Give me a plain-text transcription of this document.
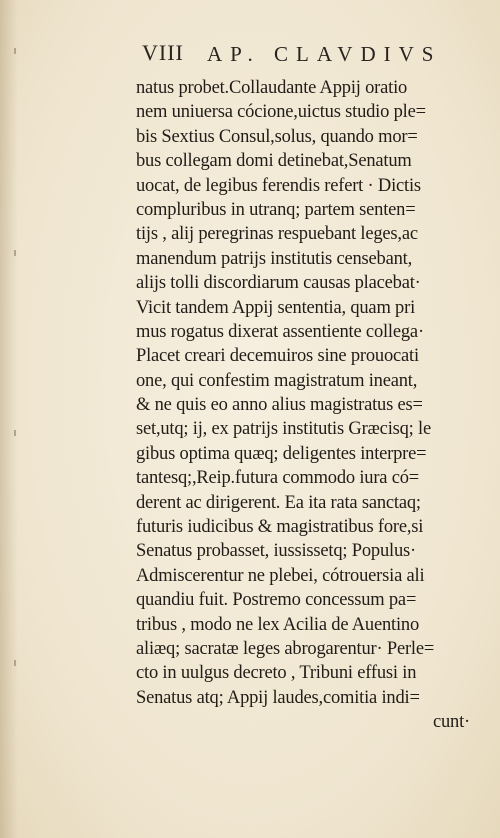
VIII AP. CLAVDIVS
natus probet.Collaudante Appij oratio
nem uniuersa cócione,uictus studio ple=
bis Sextius Consul,solus, quando mor=
bus collegam domi detinebat,Senatum
uocat, de legibus ferendis refert · Dictis
compluribus in utranq; partem senten=
tijs , alij peregrinas respuebant leges,ac
manendum patrijs institutis censebant,
alijs tolli discordiarum causas placebat·
Vicit tandem Appij sententia, quam pri
mus rogatus dixerat assentiente collega·
Placet creari decemuiros sine prouocati
one, qui confestim magistratum ineant,
& ne quis eo anno alius magistratus es=
set,utq; ij, ex patrijs institutis Græcisq; le
gibus optima quæq; deligentes interpre=
tantesq;,Reip.futura commodo iura có=
derent ac dirigerent. Ea ita rata sanctaq;
futuris iudicibus & magistratibus fore,si
Senatus probasset, iussissetq; Populus·
Admiscerentur ne plebei, cótrouersia ali
quandiu fuit. Postremo concessum pa=
tribus , modo ne lex Acilia de Auentino
aliæq; sacratæ leges abrogarentur· Perle=
cto in uulgus decreto , Tribuni effusi in
Senatus atq; Appij laudes,comitia indi=
cunt·
